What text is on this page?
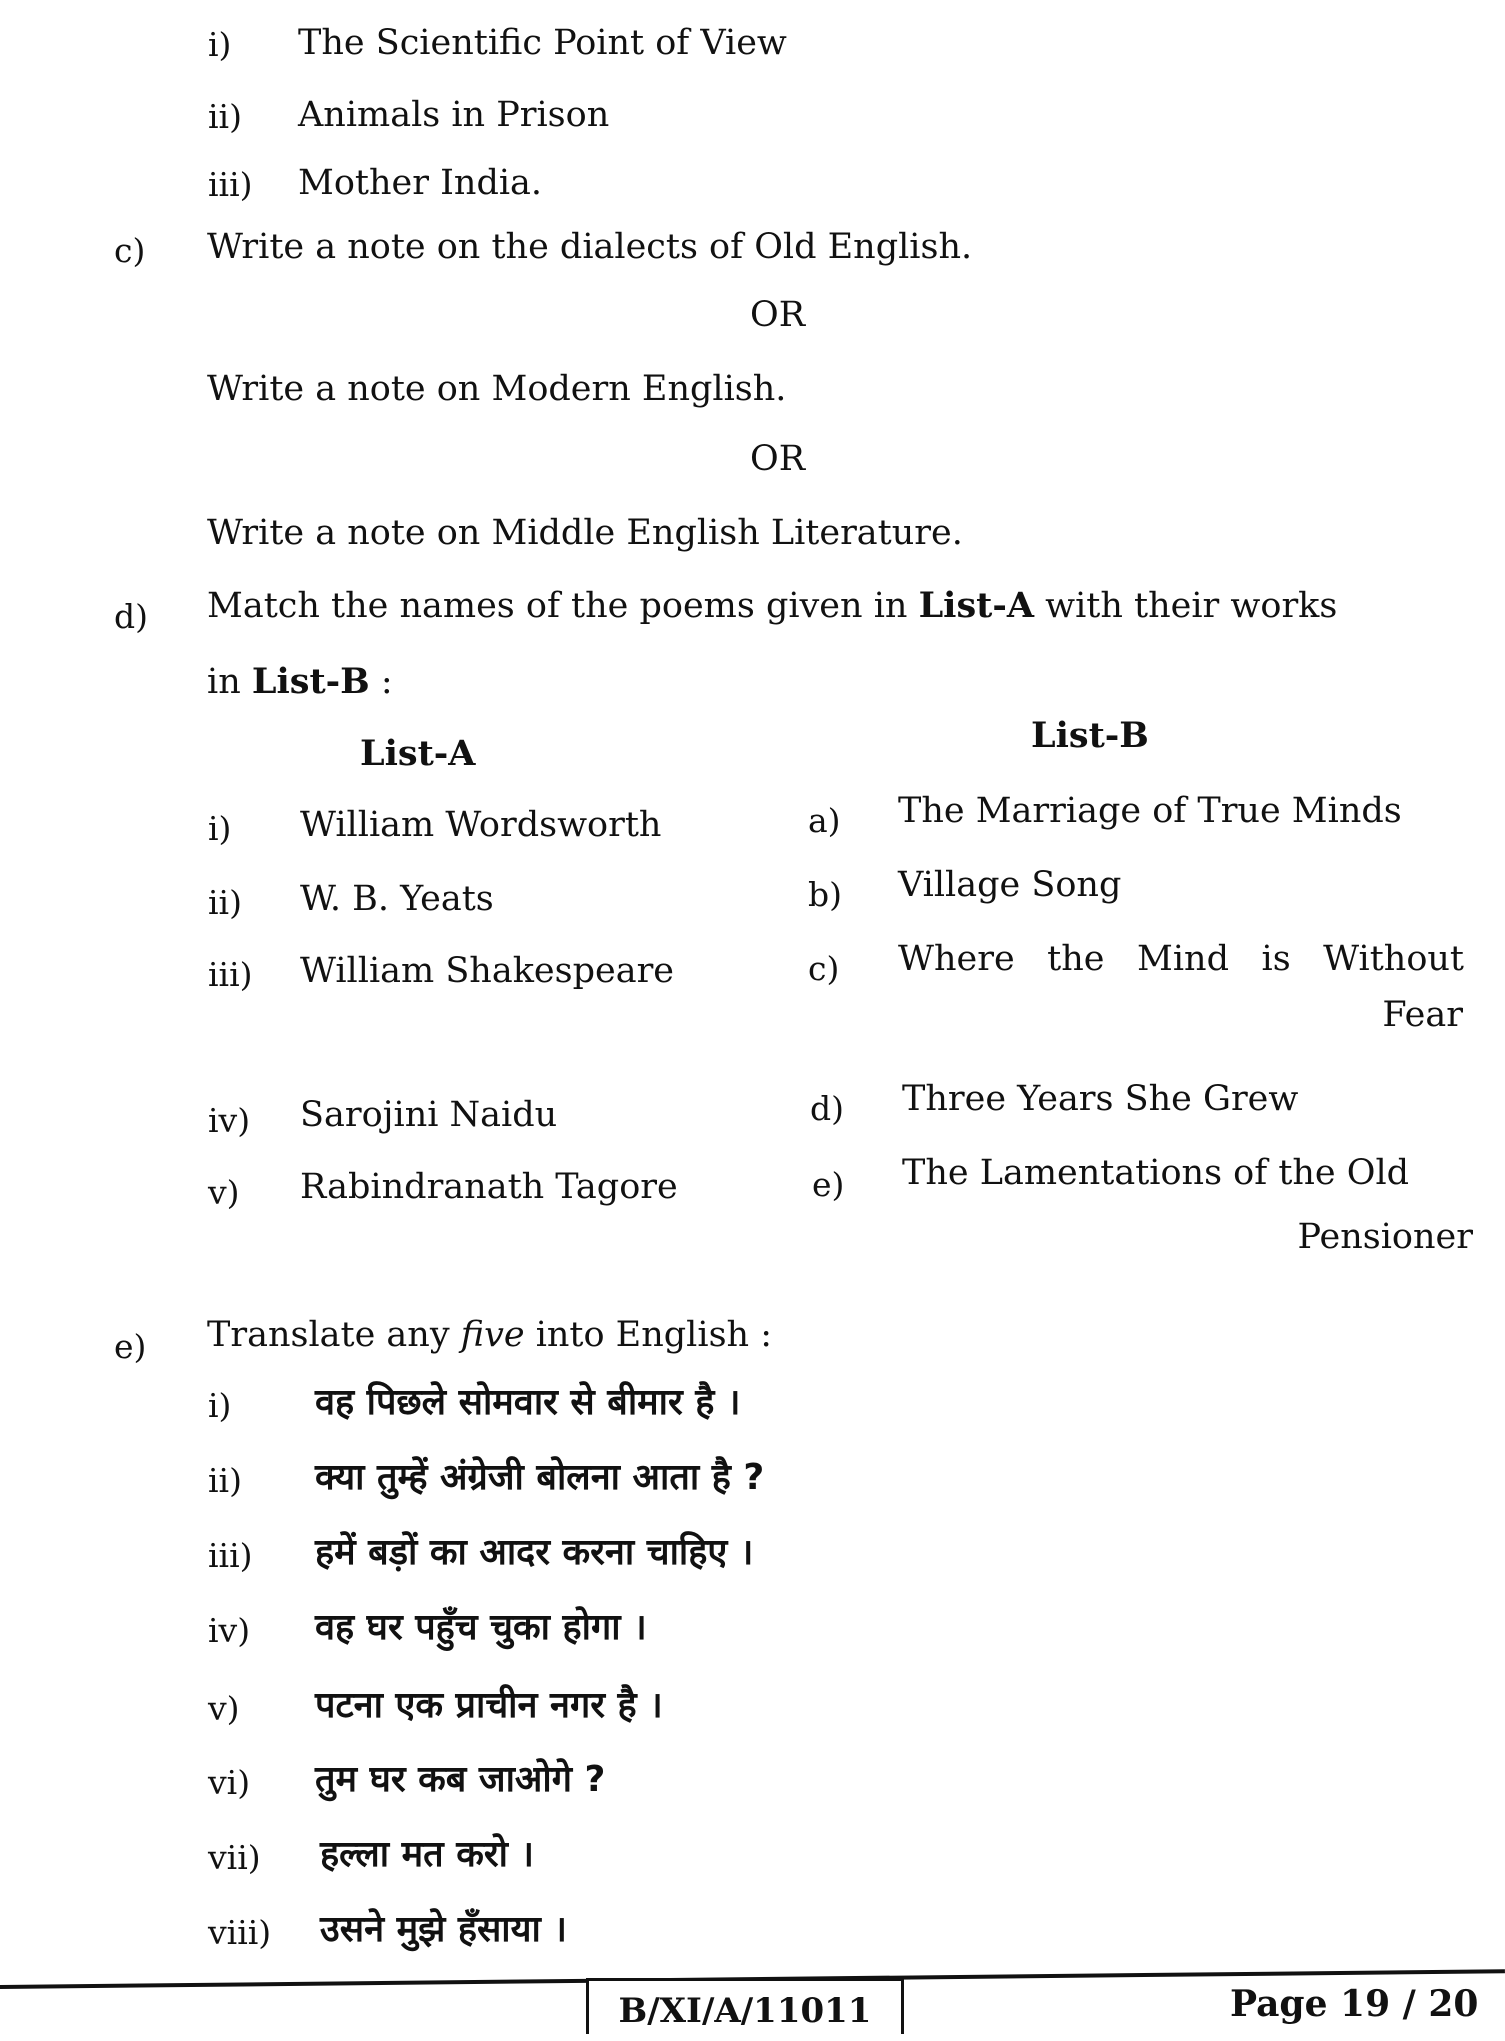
i) The Scientific Point of View
ii) Animals in Prison
iii) Mother India.
c) Write a note on the dialects of Old English.
OR
Write a note on Modern English.
OR
Write a note on Middle English Literature.
d) Match the names of the poems given in List-A with their works
in List-B :
List-A	List-B
i) William Wordsworth
ii) W. B. Yeats
iii) William Shakespeare
iv) Sarojini Naidu
v) Rabindranath Tagore
a) The Marriage of True Minds
b) Village Song
c) Where the Mind is Without
Fear
d) Three Years She Grew
e) The Lamentations of the Old
Pensioner
e) Translate any five into English :
i) वह पिछले सोमवार से बीमार है ।
ii) क्या तुम्हें अंग्रेजी बोलना आता है ?
iii) हमें बड़ों का आदर करना चाहिए ।
iv) वह घर पहुँच चुका होगा ।
v) पटना एक प्राचीन नगर है ।
vi) तुम घर कब जाओगे ?
vii) हल्ला मत करो ।
viii) उसने मुझे हँसाया ।
B/XI/A/11011	Page 19 / 20
